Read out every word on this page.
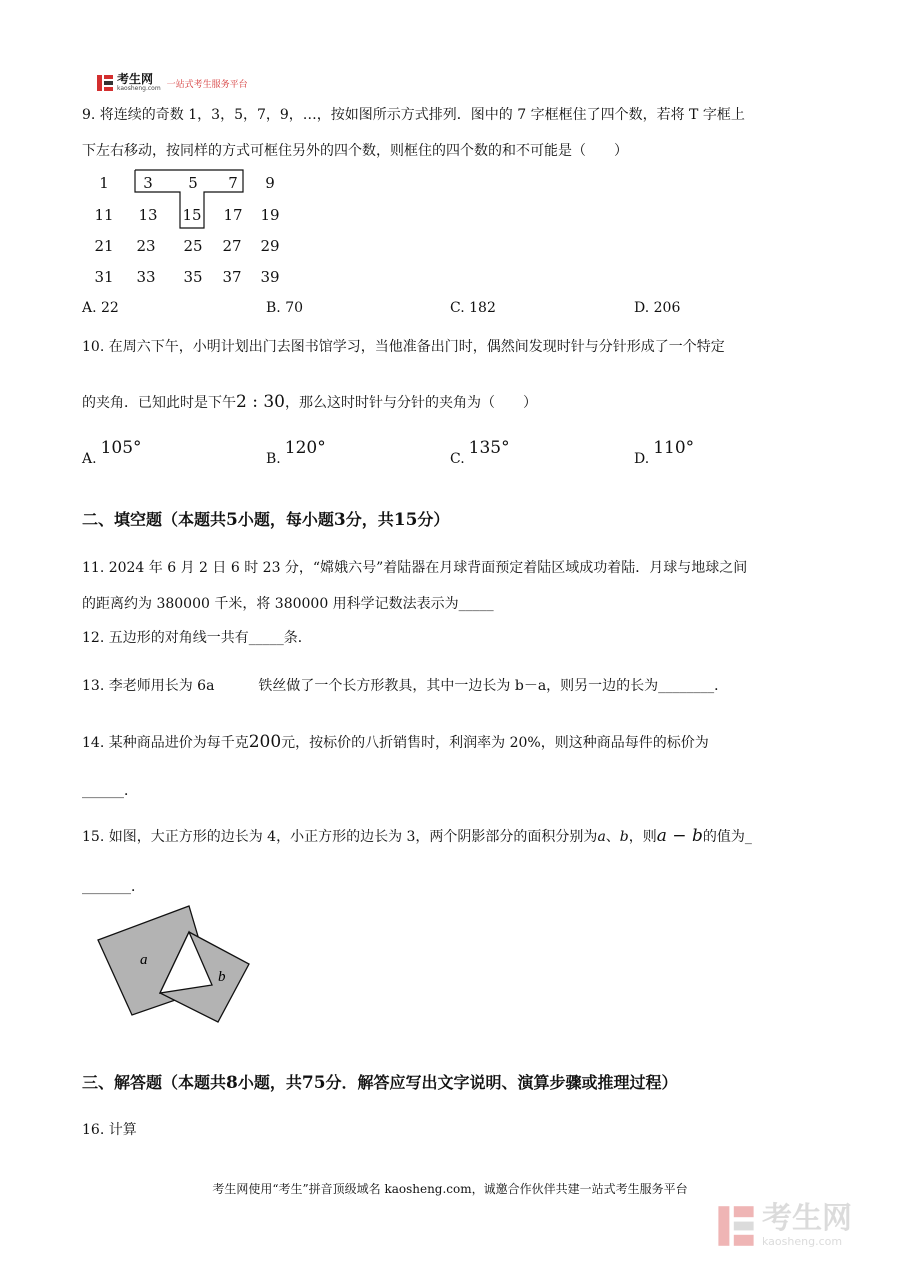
考生网
kaosheng.com 一站式考生服务平台
9. 将连续的奇数 1，3，5，7，9，…，按如图所示方式排列．图中的 7 字框框住了四个数，若将 T 字框上
下左右移动，按同样的方式可框住另外的四个数，则框住的四个数的和不可能是（　　）
1	3	5	7	9
11	13	15	17	19
21	23	25	27	29
31	33	35	37	39
A. 22	B. 70	C. 182	D. 206
10. 在周六下午，小明计划出门去图书馆学习，当他准备出门时，偶然间发现时针与分针形成了一个特定
的夹角．已知此时是下午2 : 30，那么这时时针与分针的夹角为（　　）
A.105°
B.120°
C.135°
D.110°
二、填空题（本题共5小题，每小题3分，共15分）
11. 2024 年 6 月 2 日 6 时 23 分，“嫦娥六号”着陆器在月球背面预定着陆区域成功着陆．月球与地球之间
的距离约为 380000 千米，将 380000 用科学记数法表示为_____
12. 五边形的对角线一共有_____条．
13. 李老师用长为 6a	铁丝做了一个长方形教具，其中一边长为 b－a，则另一边的长为________．
14. 某种商品进价为每千克200元，按标价的八折销售时，利润率为 20%，则这种商品每件的标价为
______．
15. 如图，大正方形的边长为 4，小正方形的边长为 3，两个阴影部分的面积分别为a、b，则a − b的值为_
_______．
a
b
三、解答题（本题共8小题，共75分．解答应写出文字说明、演算步骤或推理过程）
16. 计算
考生网使用“考生”拼音顶级域名 kaosheng.com，诚邀合作伙伴共建一站式考生服务平台
考生网
kaosheng.com
